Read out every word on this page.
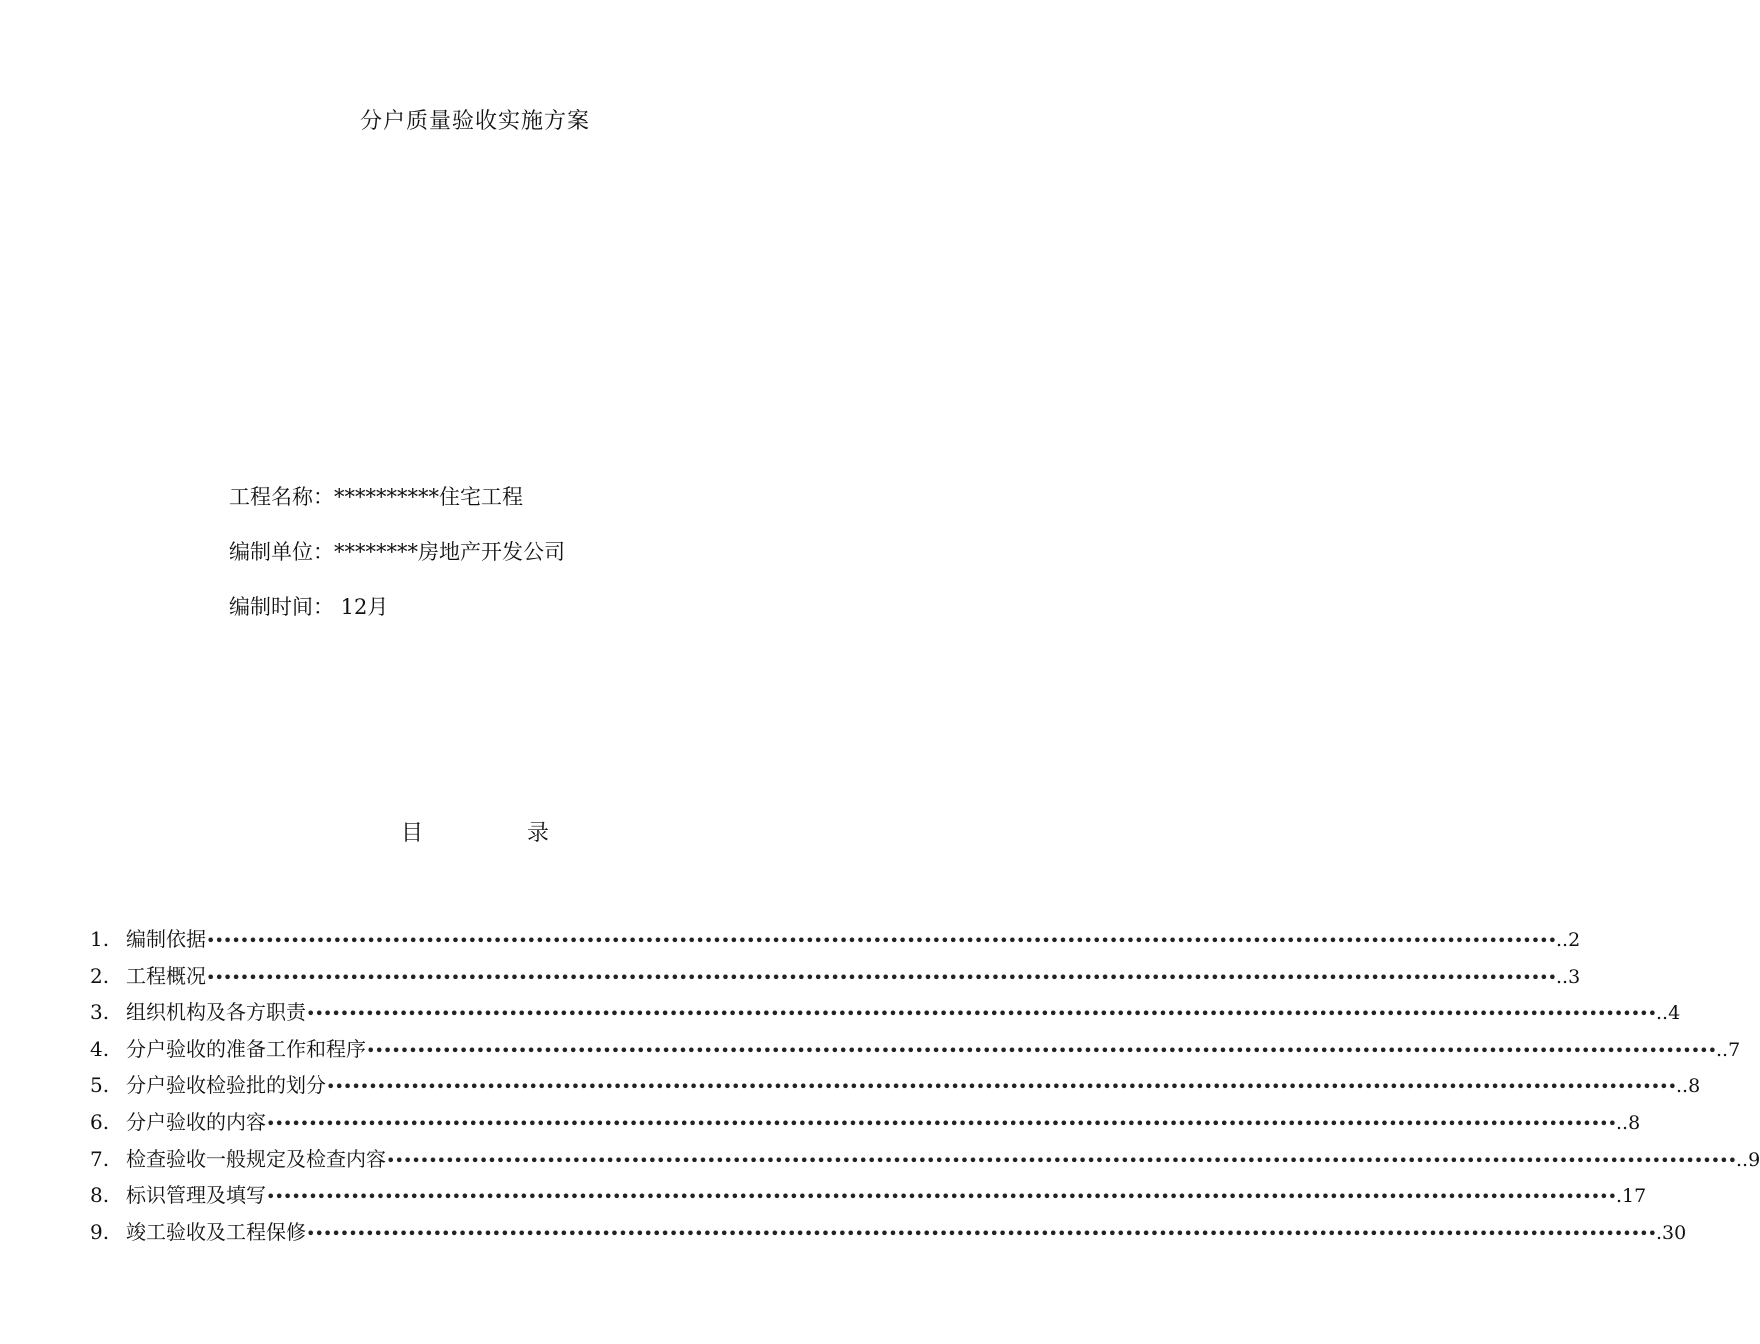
分户质量验收实施方案
工程名称：**********住宅工程
编制单位：********房地产开发公司
编制时间： 12月
目	录
1. 编制依据 •••••••••••••••••••••••••••••••••••••••••••••••••••••••••••••••••••••••••••••••••••••••••••••••••••••••••••••••••••••••••••••••••••••••••••••••••••••••••••••••• ..2
2. 工程概况 •••••••••••••••••••••••••••••••••••••••••••••••••••••••••••••••••••••••••••••••••••••••••••••••••••••••••••••••••••••••••••••••••••••••••••••••••••••••••••••••• ..3
3. 组织机构及各方职责 •••••••••••••••••••••••••••••••••••••••••••••••••••••••••••••••••••••••••••••••••••••••••••••••••••••••••••••••••••••••••••••••••••••••••••••••••••••••••••••••• ..4
4. 分户验收的准备工作和程序 •••••••••••••••••••••••••••••••••••••••••••••••••••••••••••••••••••••••••••••••••••••••••••••••••••••••••••••••••••••••••••••••••••••••••••••••••••••••••••••••• ..7
5. 分户验收检验批的划分 •••••••••••••••••••••••••••••••••••••••••••••••••••••••••••••••••••••••••••••••••••••••••••••••••••••••••••••••••••••••••••••••••••••••••••••••••••••••••••••••• ..8
6. 分户验收的内容 •••••••••••••••••••••••••••••••••••••••••••••••••••••••••••••••••••••••••••••••••••••••••••••••••••••••••••••••••••••••••••••••••••••••••••••••••••••••••••••••• ..8
7. 检查验收一般规定及检查内容 •••••••••••••••••••••••••••••••••••••••••••••••••••••••••••••••••••••••••••••••••••••••••••••••••••••••••••••••••••••••••••••••••••••••••••••••••••••••••••••••• ..9
8. 标识管理及填写 •••••••••••••••••••••••••••••••••••••••••••••••••••••••••••••••••••••••••••••••••••••••••••••••••••••••••••••••••••••••••••••••••••••••••••••••••••••••••••••••• .17
9. 竣工验收及工程保修 •••••••••••••••••••••••••••••••••••••••••••••••••••••••••••••••••••••••••••••••••••••••••••••••••••••••••••••••••••••••••••••••••••••••••••••••••••••••••••••••• .30
